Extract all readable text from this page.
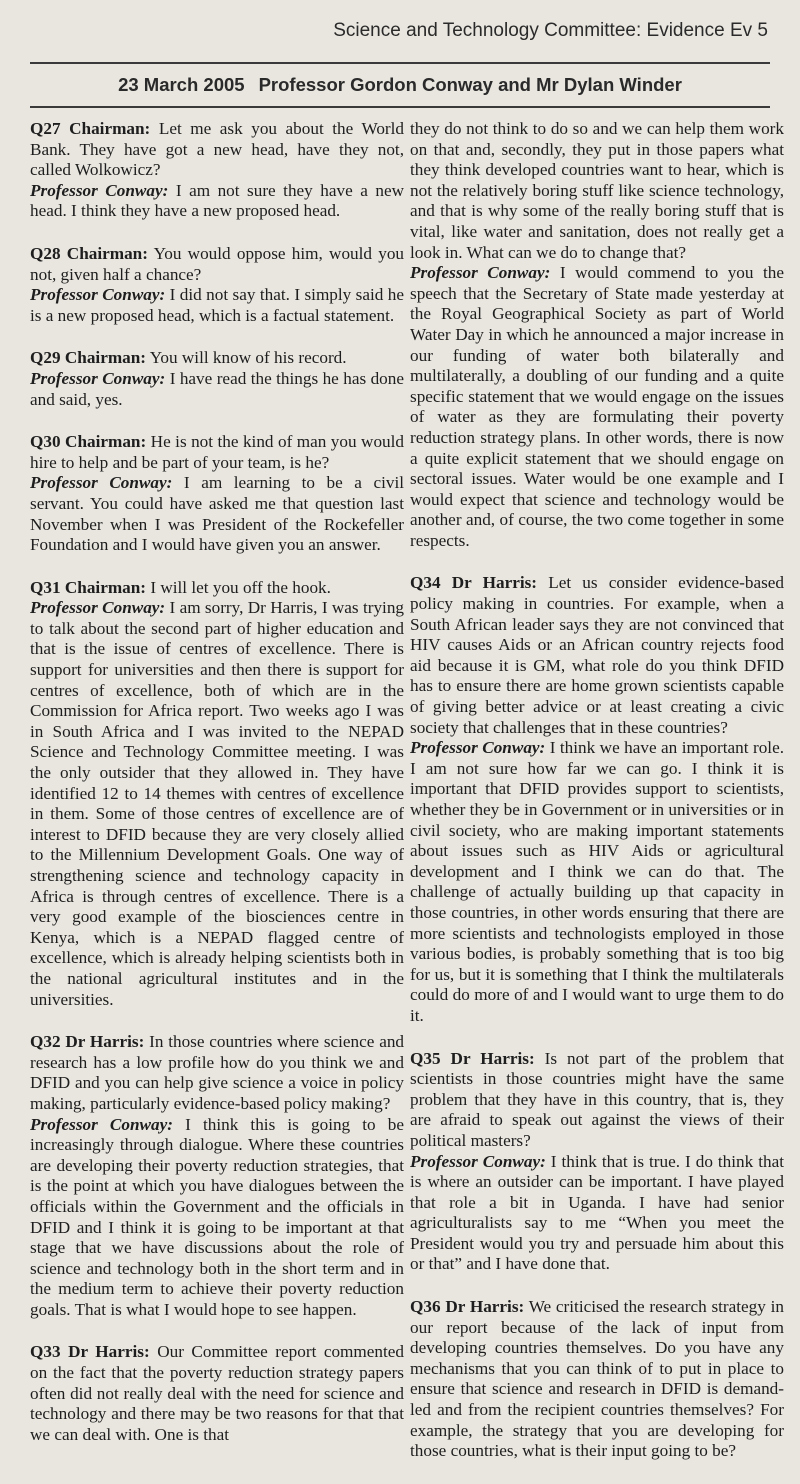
Science and Technology Committee: Evidence Ev 5
23 March 2005 Professor Gordon Conway and Mr Dylan Winder

Q27 Chairman: Let me ask you about the World Bank. They have got a new head, have they not, called Wolkowicz?
Professor Conway: I am not sure they have a new head. I think they have a new proposed head.

Q28 Chairman: You would oppose him, would you not, given half a chance?
Professor Conway: I did not say that. I simply said he is a new proposed head, which is a factual statement.

Q29 Chairman: You will know of his record.
Professor Conway: I have read the things he has done and said, yes.

Q30 Chairman: He is not the kind of man you would hire to help and be part of your team, is he?
Professor Conway: I am learning to be a civil servant. You could have asked me that question last November when I was President of the Rockefeller Foundation and I would have given you an answer.

Q31 Chairman: I will let you off the hook.
Professor Conway: I am sorry, Dr Harris, I was trying to talk about the second part of higher education and that is the issue of centres of excellence. There is support for universities and then there is support for centres of excellence, both of which are in the Commission for Africa report. Two weeks ago I was in South Africa and I was invited to the NEPAD Science and Technology Committee meeting. I was the only outsider that they allowed in. They have identified 12 to 14 themes with centres of excellence in them. Some of those centres of excellence are of interest to DFID because they are very closely allied to the Millennium Development Goals. One way of strengthening science and technology capacity in Africa is through centres of excellence. There is a very good example of the biosciences centre in Kenya, which is a NEPAD flagged centre of excellence, which is already helping scientists both in the national agricultural institutes and in the universities.

Q32 Dr Harris: In those countries where science and research has a low profile how do you think we and DFID and you can help give science a voice in policy making, particularly evidence-based policy making?
Professor Conway: I think this is going to be increasingly through dialogue. Where these countries are developing their poverty reduction strategies, that is the point at which you have dialogues between the officials within the Government and the officials in DFID and I think it is going to be important at that stage that we have discussions about the role of science and technology both in the short term and in the medium term to achieve their poverty reduction goals. That is what I would hope to see happen.

Q33 Dr Harris: Our Committee report commented on the fact that the poverty reduction strategy papers often did not really deal with the need for science and technology and there may be two reasons for that that we can deal with. One is that

they do not think to do so and we can help them work on that and, secondly, they put in those papers what they think developed countries want to hear, which is not the relatively boring stuff like science technology, and that is why some of the really boring stuff that is vital, like water and sanitation, does not really get a look in. What can we do to change that?
Professor Conway: I would commend to you the speech that the Secretary of State made yesterday at the Royal Geographical Society as part of World Water Day in which he announced a major increase in our funding of water both bilaterally and multilaterally, a doubling of our funding and a quite specific statement that we would engage on the issues of water as they are formulating their poverty reduction strategy plans. In other words, there is now a quite explicit statement that we should engage on sectoral issues. Water would be one example and I would expect that science and technology would be another and, of course, the two come together in some respects.

Q34 Dr Harris: Let us consider evidence-based policy making in countries. For example, when a South African leader says they are not convinced that HIV causes Aids or an African country rejects food aid because it is GM, what role do you think DFID has to ensure there are home grown scientists capable of giving better advice or at least creating a civic society that challenges that in these countries?
Professor Conway: I think we have an important role. I am not sure how far we can go. I think it is important that DFID provides support to scientists, whether they be in Government or in universities or in civil society, who are making important statements about issues such as HIV Aids or agricultural development and I think we can do that. The challenge of actually building up that capacity in those countries, in other words ensuring that there are more scientists and technologists employed in those various bodies, is probably something that is too big for us, but it is something that I think the multilaterals could do more of and I would want to urge them to do it.

Q35 Dr Harris: Is not part of the problem that scientists in those countries might have the same problem that they have in this country, that is, they are afraid to speak out against the views of their political masters?
Professor Conway: I think that is true. I do think that is where an outsider can be important. I have played that role a bit in Uganda. I have had senior agriculturalists say to me “When you meet the President would you try and persuade him about this or that” and I have done that.

Q36 Dr Harris: We criticised the research strategy in our report because of the lack of input from developing countries themselves. Do you have any mechanisms that you can think of to put in place to ensure that science and research in DFID is demand-led and from the recipient countries themselves? For example, the strategy that you are developing for those countries, what is their input going to be?
